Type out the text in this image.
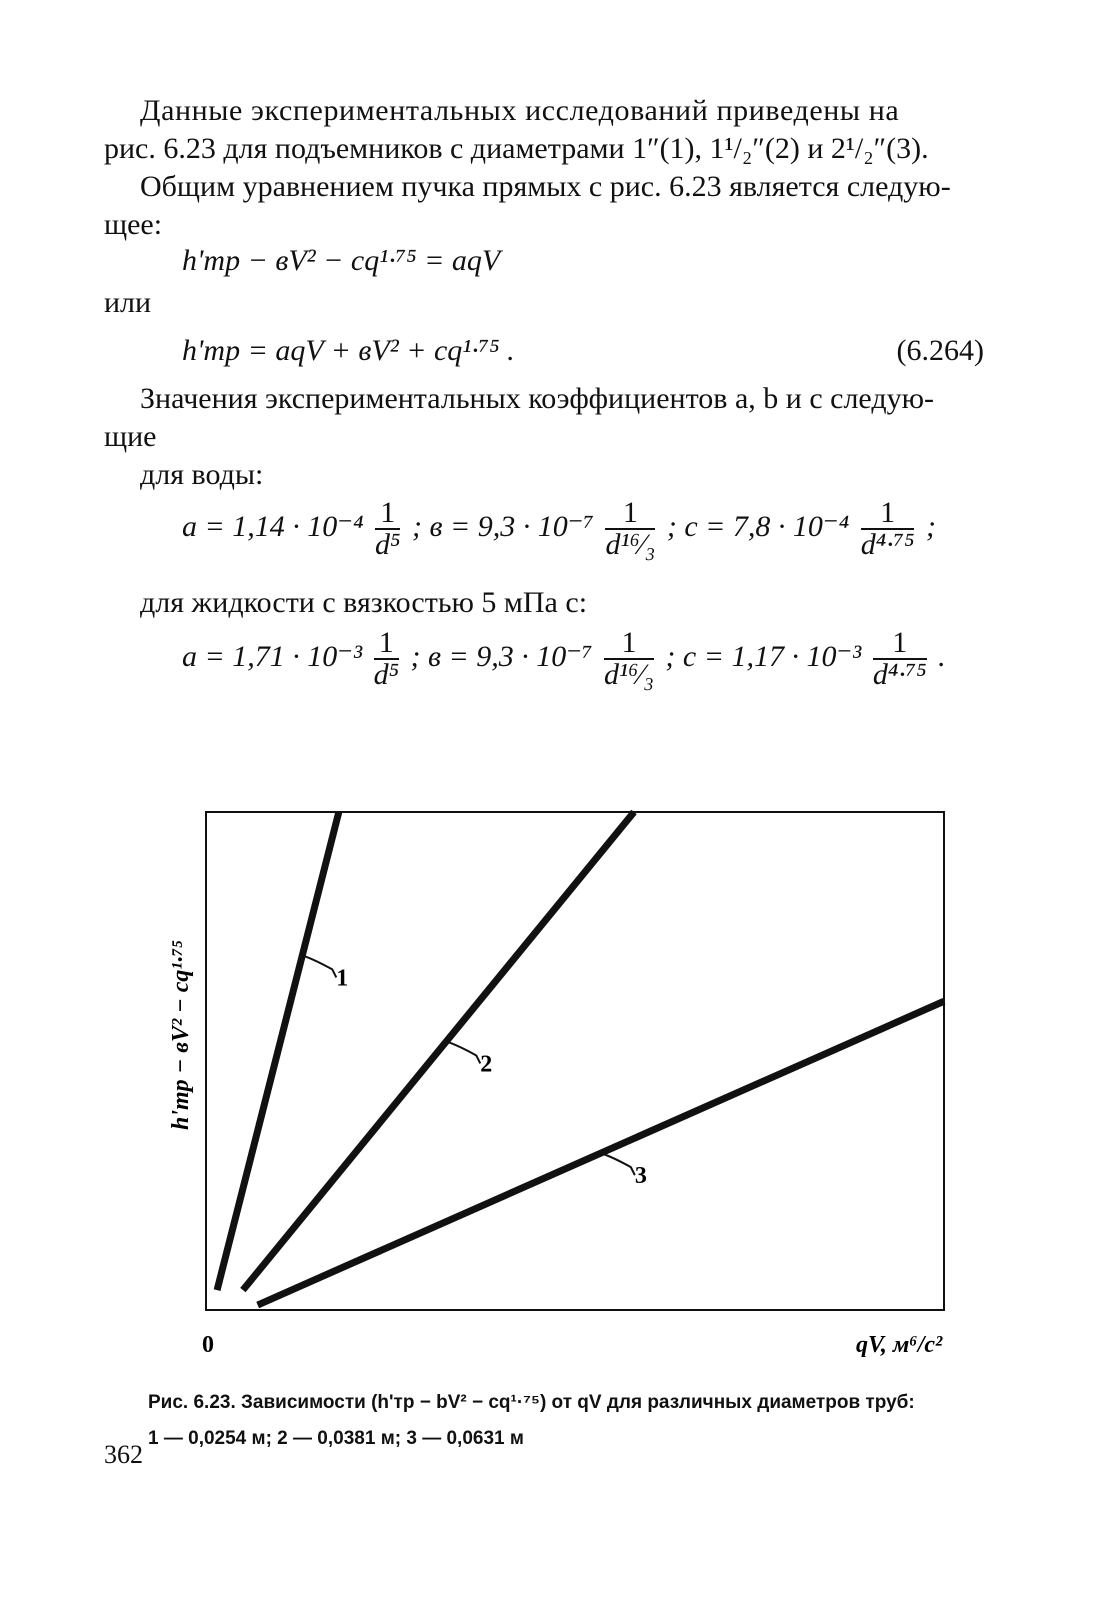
Данные экспериментальных исследований приведены на
рис. 6.23 для подъемников с диаметрами 1″(1), 1¹/₂″(2) и 2¹/₂″(3).
Общим уравнением пучка прямых с рис. 6.23 является следую-
щее:
h'тр − вV² − cq¹·⁷⁵ = aqV
или
h'тр = aqV + вV² + cq¹·⁷⁵ .	(6.264)
Значения экспериментальных коэффициентов a, b и c следую-
щие
для воды:
$a = 1,14 \cdot 10^{-4} \frac{1}{\text{d⁵}}$ ; $в = 9,3 \cdot 10^{-7} \frac{1}{\text{d¹⁶⁄₃}}$ ; $c = 7,8 \cdot 10^{-4} \frac{1}{\text{d⁴·⁷⁵}}$ ;
для жидкости с вязкостью 5 мПа с:
$a = 1,71 \cdot 10^{-3} \frac{1}{\text{d⁵}}$ ; $в = 9,3 \cdot 10^{-7} \frac{1}{\text{d¹⁶⁄₃}}$ ; $c = 1,17 \cdot 10^{-3} \frac{1}{\text{d⁴·⁷⁵}}$ .
1
2
3
0	qV, м⁶/с²
h'тр − вV² − cq¹·⁷⁵
Рис. 6.23. Зависимости (h'тр − bV² − cq¹·⁷⁵) от qV для различных диаметров труб:
1 — 0,0254 м; 2 — 0,0381 м; 3 — 0,0631 м
362
